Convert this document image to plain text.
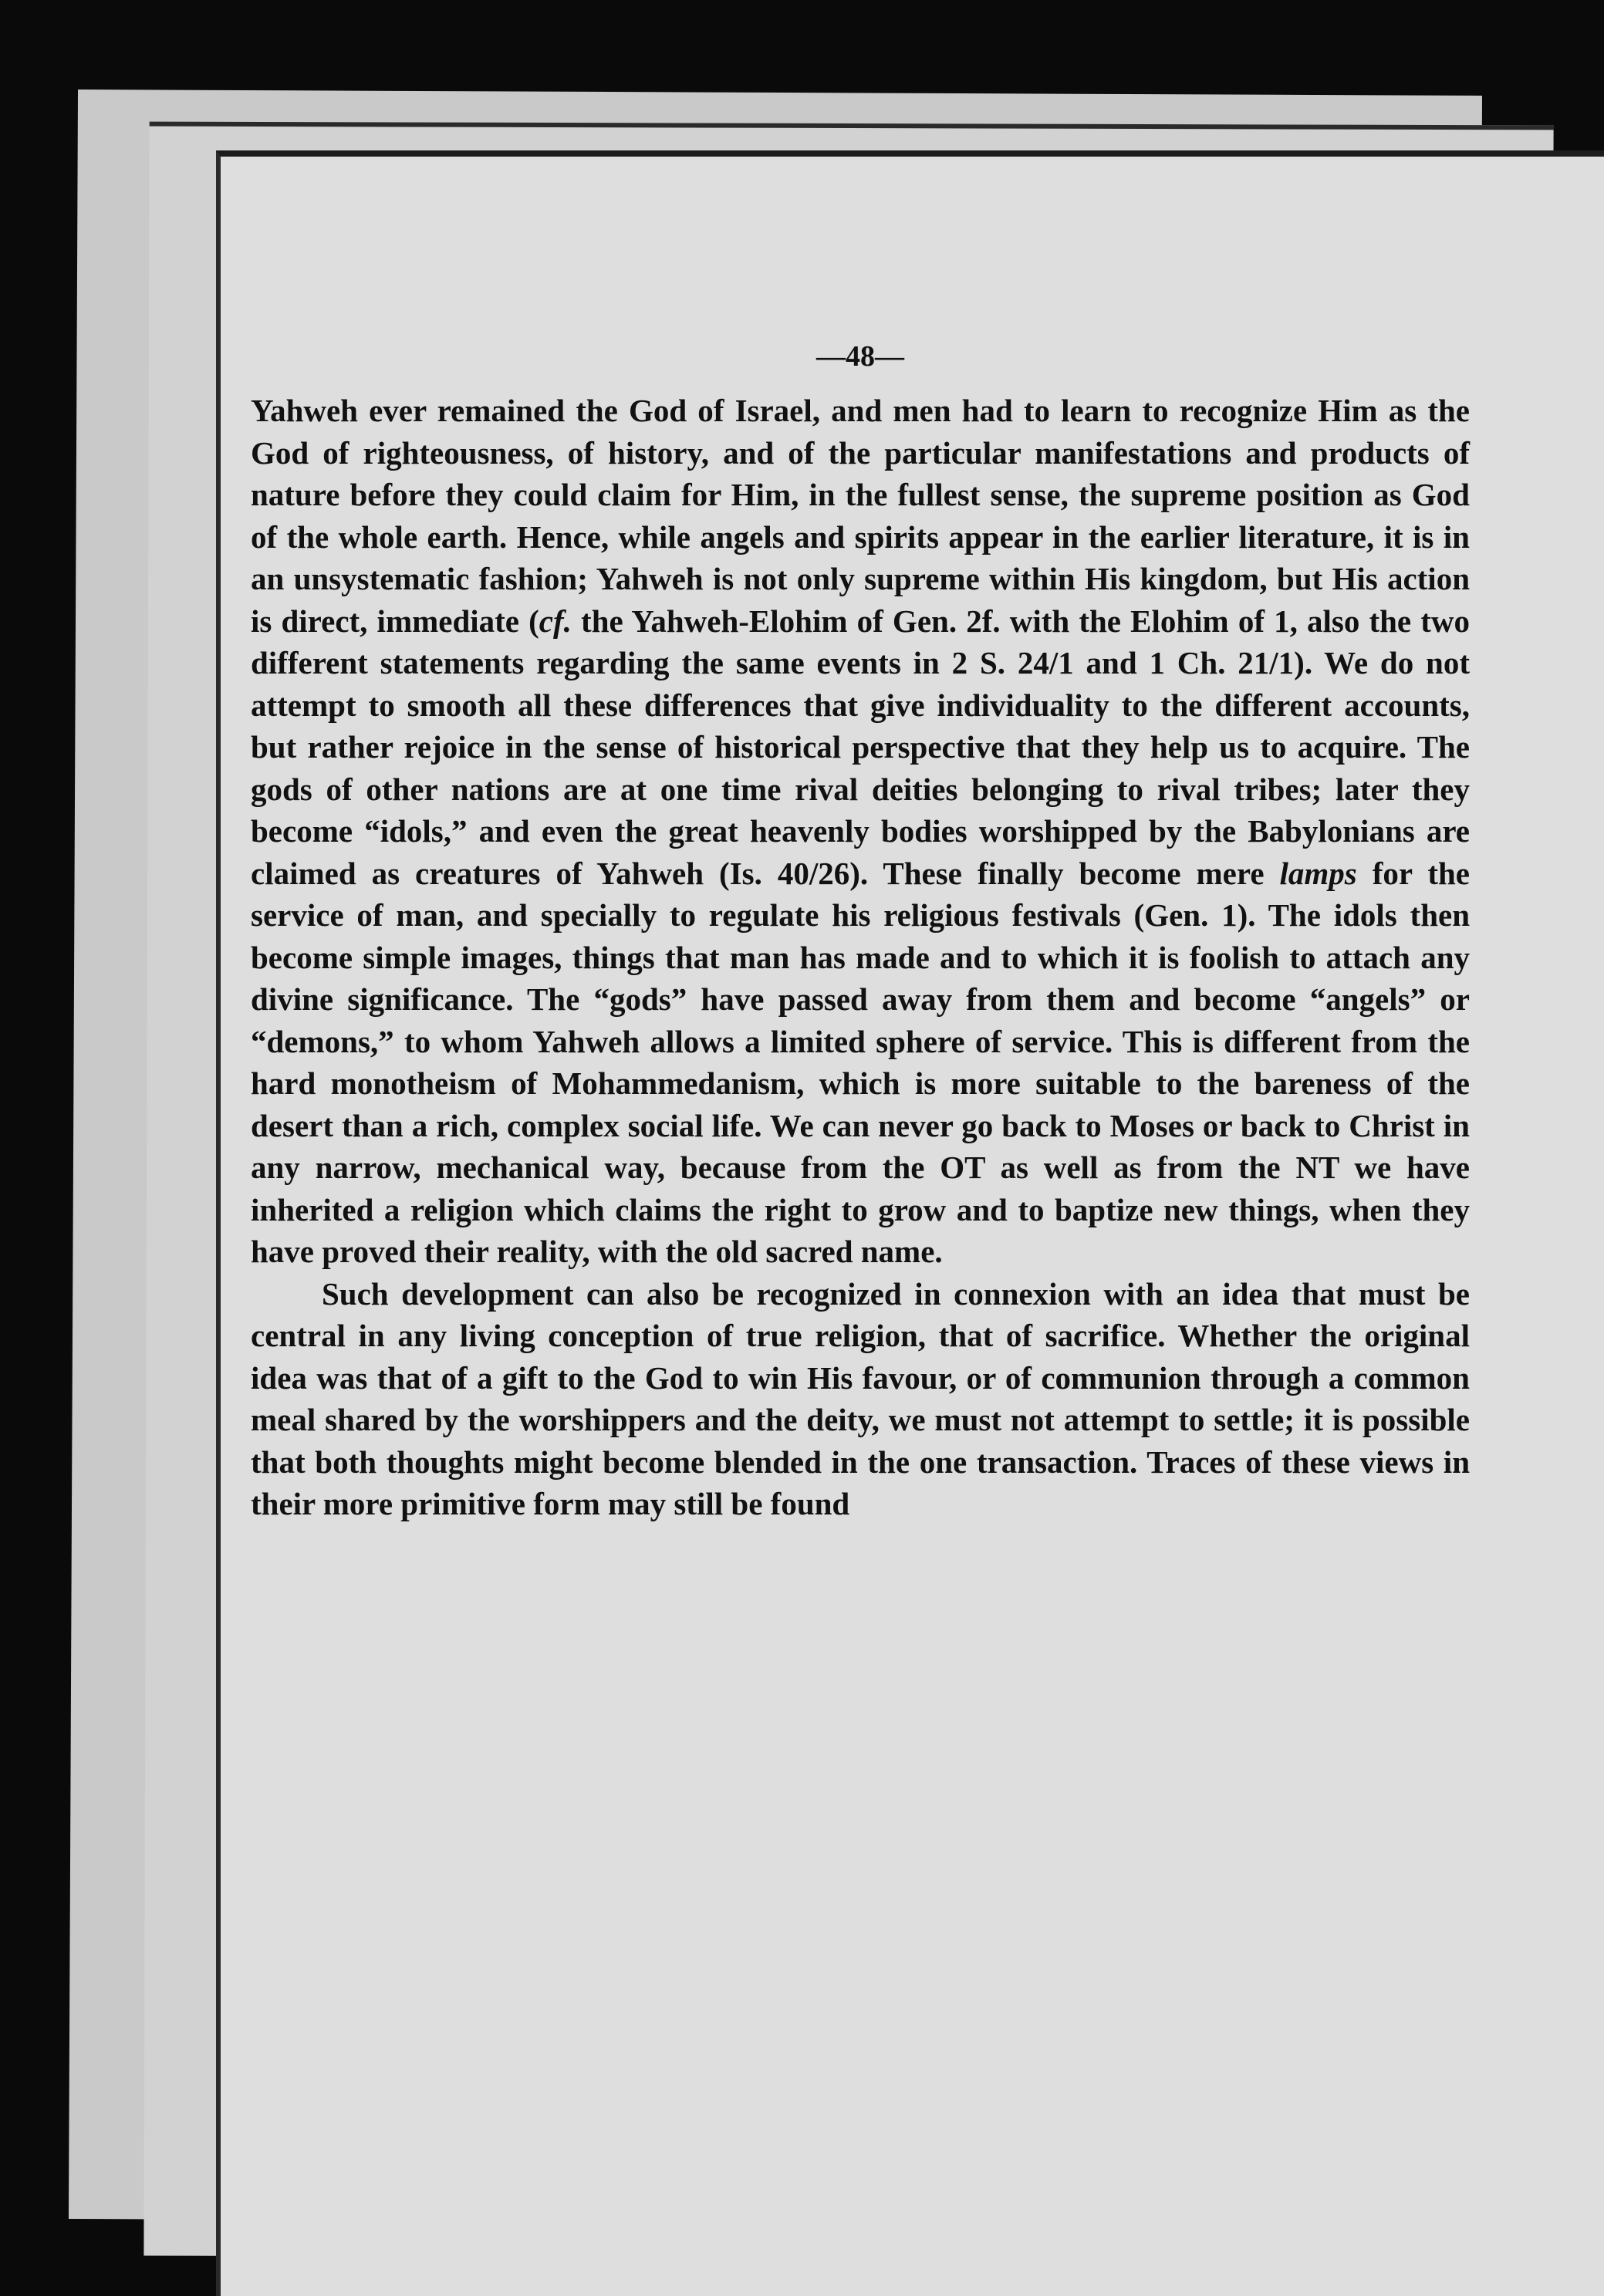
—48—

Yahweh ever remained the God of Israel, and men had to learn to recognize Him as the God of righteousness, of history, and of the particular manifestations and products of nature before they could claim for Him, in the fullest sense, the supreme position as God of the whole earth. Hence, while angels and spirits appear in the earlier literature, it is in an unsystematic fashion; Yahweh is not only supreme within His kingdom, but His action is direct, immediate (cf. the Yahweh-Elohim of Gen. 2f. with the Elohim of 1, also the two different statements regarding the same events in 2 S. 24/1 and 1 Ch. 21/1). We do not attempt to smooth all these differences that give individuality to the different accounts, but rather rejoice in the sense of historical perspective that they help us to acquire. The gods of other nations are at one time rival deities belonging to rival tribes; later they become “idols,” and even the great heavenly bodies worshipped by the Babylonians are claimed as creatures of Yahweh (Is. 40/26). These finally become mere lamps for the service of man, and specially to regulate his religious festivals (Gen. 1). The idols then become simple images, things that man has made and to which it is foolish to attach any divine significance. The “gods” have passed away from them and become “angels” or “demons,” to whom Yahweh allows a limited sphere of service. This is different from the hard monotheism of Mohammedanism, which is more suitable to the bareness of the desert than a rich, complex social life. We can never go back to Moses or back to Christ in any narrow, mechanical way, because from the OT as well as from the NT we have inherited a religion which claims the right to grow and to baptize new things, when they have proved their reality, with the old sacred name.

Such development can also be recognized in connexion with an idea that must be central in any living conception of true religion, that of sacrifice. Whether the original idea was that of a gift to the God to win His favour, or of communion through a common meal shared by the worshippers and the deity, we must not attempt to settle; it is possible that both thoughts might become blended in the one transaction. Traces of these views in their more primitive form may still be found
